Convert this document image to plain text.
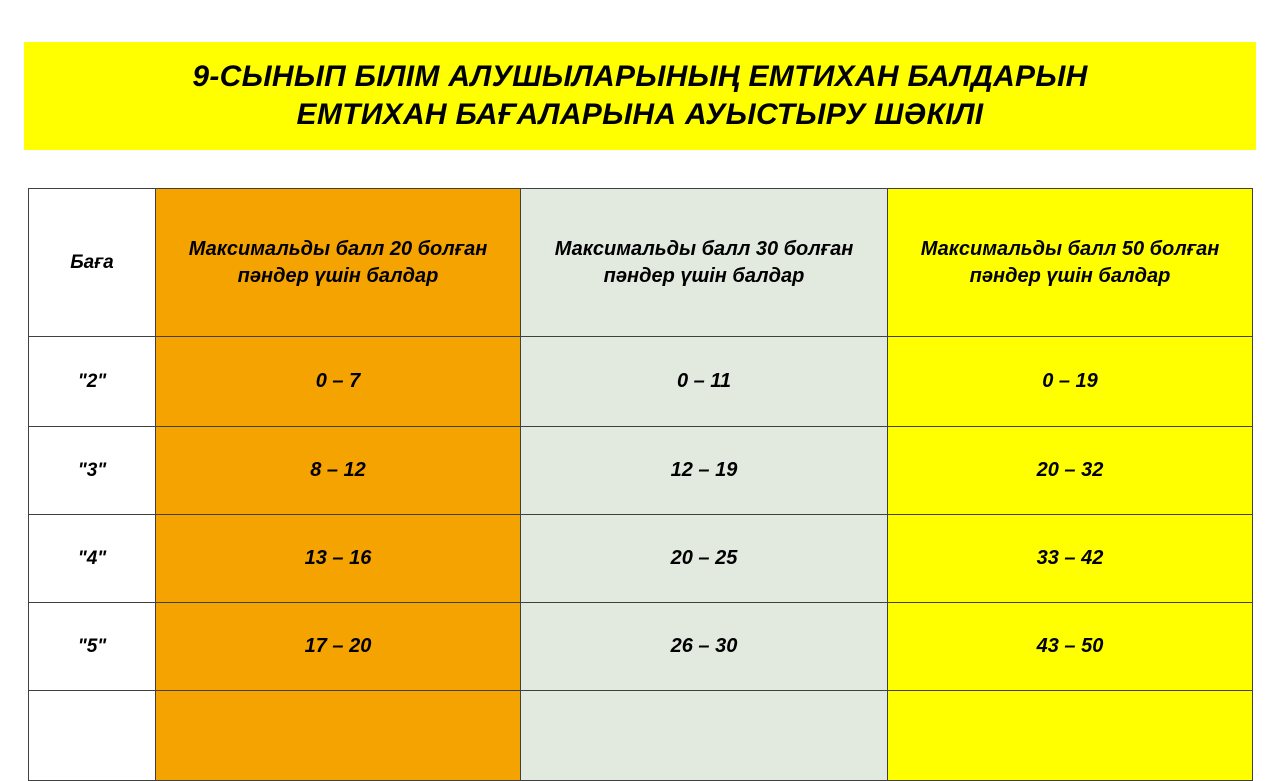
9-СЫНЫП БІЛІМ АЛУШЫЛАРЫНЫҢ ЕМТИХАН БАЛДАРЫН
ЕМТИХАН БАҒАЛАРЫНА АУЫСТЫРУ ШӘКІЛІ
Баға	Максимальды балл 20 болған пәндер үшін балдар	Максимальды балл 30 болған пәндер үшін балдар	Максимальды балл 50 болған пәндер үшін балдар
"2"	0 – 7	0 – 11	0 – 19
"3"	8 – 12	12 – 19	20 – 32
"4"	13 – 16	20 – 25	33 – 42
"5"	17 – 20	26 – 30	43 – 50
